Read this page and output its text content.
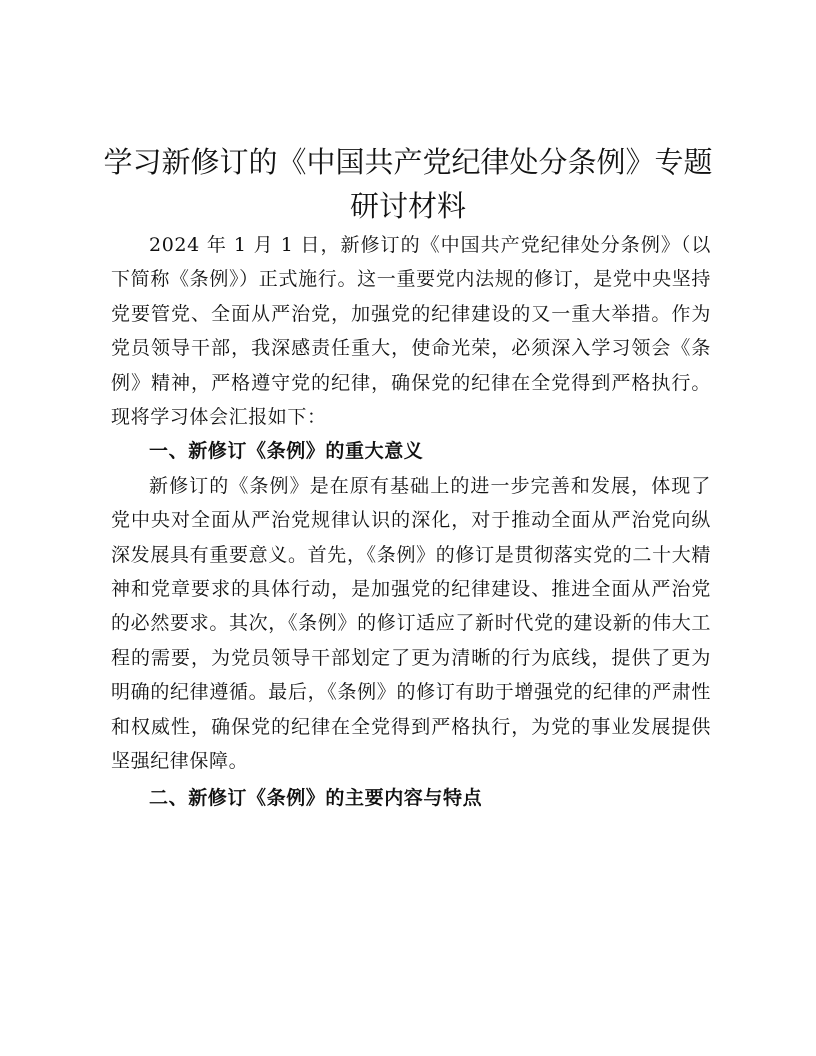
学习新修订的《中国共产党纪律处分条例》专题研讨材料

2024 年 1 月 1 日，新修订的《中国共产党纪律处分条例》（以下简称《条例》）正式施行。这一重要党内法规的修订，是党中央坚持党要管党、全面从严治党，加强党的纪律建设的又一重大举措。作为党员领导干部，我深感责任重大，使命光荣，必须深入学习领会《条例》精神，严格遵守党的纪律，确保党的纪律在全党得到严格执行。现将学习体会汇报如下：

一、新修订《条例》的重大意义

新修订的《条例》是在原有基础上的进一步完善和发展，体现了党中央对全面从严治党规律认识的深化，对于推动全面从严治党向纵深发展具有重要意义。首先，《条例》的修订是贯彻落实党的二十大精神和党章要求的具体行动，是加强党的纪律建设、推进全面从严治党的必然要求。其次，《条例》的修订适应了新时代党的建设新的伟大工程的需要，为党员领导干部划定了更为清晰的行为底线，提供了更为明确的纪律遵循。最后，《条例》的修订有助于增强党的纪律的严肃性和权威性，确保党的纪律在全党得到严格执行，为党的事业发展提供坚强纪律保障。

二、新修订《条例》的主要内容与特点
